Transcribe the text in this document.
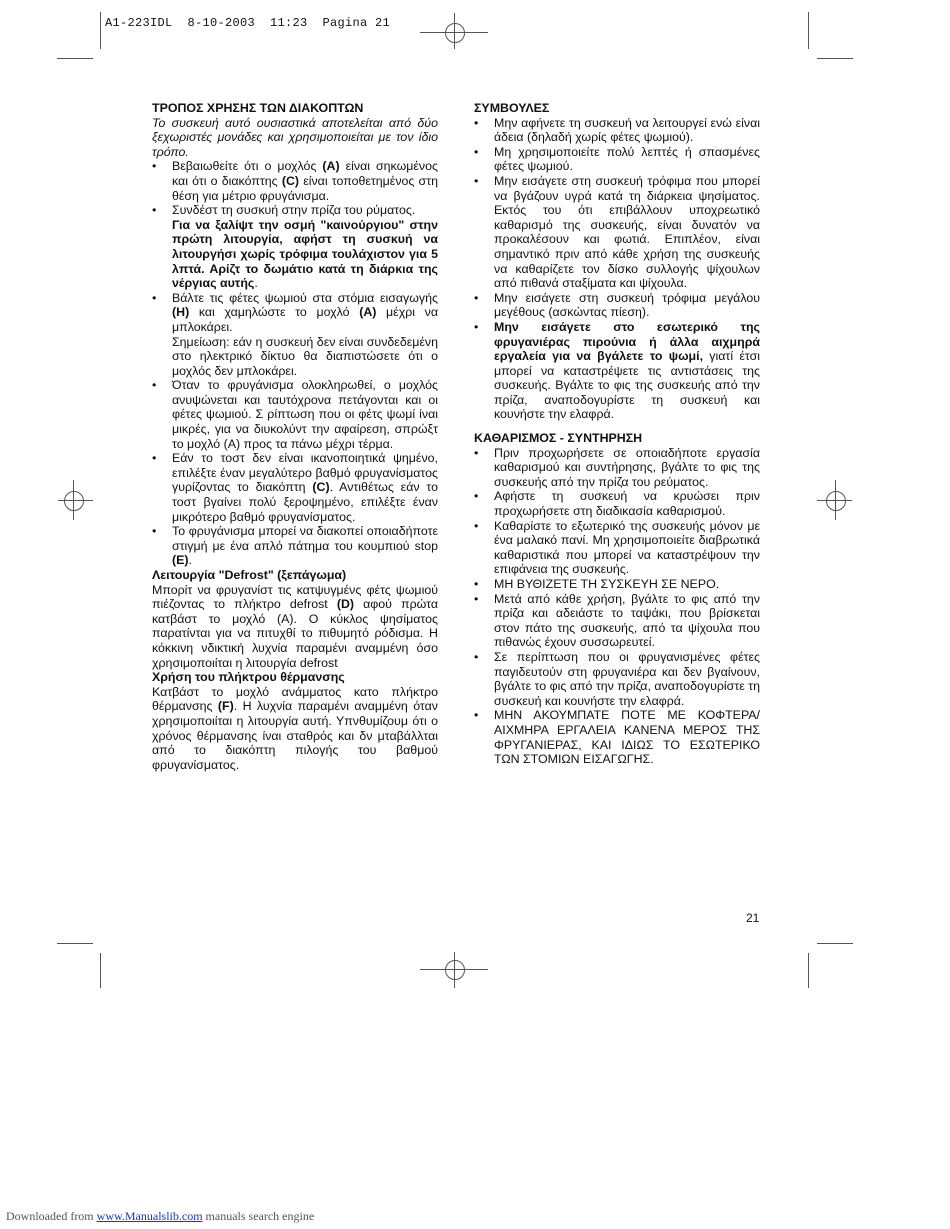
A1-223IDL  8-10-2003  11:23  Pagina 21
ΤΡΟΠΟΣ ΧΡΗΣΗΣ ΤΩΝ ΔΙΑΚΟΠΤΩΝ

Το συσκευή αυτό ουσιαστικά αποτελείται από δύο ξεχωριστές μονάδες και χρησιμοποιείται με τον ίδιο τρόπο.

• Βεβαιωθείτε ότι ο μοχλός (A) είναι σηκωμένος και ότι ο διακόπτης (C) είναι τοποθετημένος στη θέση για μέτριο φρυγάνισμα.
• Συνδέστ τη συσκυή στην πρίζα του ρύματος.
Για να ξαλίψτ την οσμή "καινούργιου" στην πρώτη λιτουργία, αφήστ τη συσκυή να λιτουργήσι χωρίς τρόφιμα τουλάχιστον για 5 λπτά. Αρίζτ το δωμάτιο κατά τη διάρκια της νέργιας αυτής.
• Βάλτε τις φέτες ψωμιού στα στόμια εισαγωγής (H) και χαμηλώστε το μοχλό (A) μέχρι να μπλοκάρει.
Σημείωση: εάν η συσκευή δεν είναι συνδεδεμένη στο ηλεκτρικό δίκτυο θα διαπιστώσετε ότι ο μοχλός δεν μπλοκάρει.
• Όταν το φρυγάνισμα ολοκληρωθεί, ο μοχλός ανυψώνεται και ταυτόχρονα πετάγονται και οι φέτες ψωμιού. Σ ρίπτωση που οι φέτς ψωμί ίναι μικρές, για να διυκολύντ την αφαίρεση, σπρώξτ το μοχλό (A) προς τα πάνω μέχρι τέρμα.
• Εάν το τοστ δεν είναι ικανοποιητικά ψημένο, επιλέξτε έναν μεγαλύτερο βαθμό φρυγανίσματος γυρίζοντας το διακόπτη (C). Αντιθέτως εάν το τοστ βγαίνει πολύ ξεροψημένο, επιλέξτε έναν μικρότερο βαθμό φρυγανίσματος.
• Το φρυγάνισμα μπορεί να διακοπεί οποιαδήποτε στιγμή με ένα απλό πάτημα του κουμπιού stop (E).
Λειτουργία "Defrost" (ξεπάγωμα)

Μπορίτ να φρυγανίστ τις κατψυγμένς φέτς ψωμιού πιέζοντας το πλήκτρο defrost (D) αφού πρώτα κατβάστ το μοχλό (A). Ο κύκλος ψησίματος παρατίνται για να πιτυχθί το πιθυμητό ρόδισμα. Η κόκκινη νδικτική λυχνία παραμένι αναμμένη όσο χρησιμοποιίται η λιτουργία defrost

Χρήση του πλήκτρου θέρμανσης

Κατβάστ το μοχλό ανάμματος κατο πλήκτρο θέρμανσης (F). Η λυχνία παραμένι αναμμένη όταν χρησιμοποιίται η λιτουργία αυτή. Υπνθυμίζουμ ότι ο χρόνος θέρμανσης ίναι σταθρός και δν μταβάλλται από το διακόπτη πιλογής του βαθμού φρυγανίσματος.

ΣΥΜΒΟΥΛΕΣ
• Μην αφήνετε τη συσκευή να λειτουργεί ενώ είναι άδεια (δηλαδή χωρίς φέτες ψωμιού).
• Μη χρησιμοποιείτε πολύ λεπτές ή σπασμένες φέτες ψωμιού.
• Μην εισάγετε στη συσκευή τρόφιμα που μπορεί να βγάζουν υγρά κατά τη διάρκεια ψησίματος. Εκτός του ότι επιβάλλουν υποχρεωτικό καθαρισμό της συσκευής, είναι δυνατόν να προκαλέσουν και φωτιά. Επιπλέον, είναι σημαντικό πριν από κάθε χρήση της συσκευής να καθαρίζετε τον δίσκο συλλογής ψίχουλων από πιθανά σταξίματα και ψίχουλα.
• Μην εισάγετε στη συσκευή τρόφιμα μεγάλου μεγέθους (ασκώντας πίεση).
• Μην εισάγετε στο εσωτερικό της φρυγανιέρας πιρούνια ή άλλα αιχμηρά εργαλεία για να βγάλετε το ψωμί, γιατί έτσι μπορεί να καταστρέψετε τις αντιστάσεις της συσκευής. Βγάλτε το φις της συσκευής από την πρίζα, αναποδογυρίστε τη συσκευή και κουνήστε την ελαφρά.
ΚΑΘΑΡΙΣΜΟΣ - ΣΥΝΤΗΡΗΣΗ
• Πριν προχωρήσετε σε οποιαδήποτε εργασία καθαρισμού και συντήρησης, βγάλτε το φις της συσκευής από την πρίζα του ρεύματος.
• Αφήστε τη συσκευή να κρυώσει πριν προχωρήσετε στη διαδικασία καθαρισμού.
• Καθαρίστε το εξωτερικό της συσκευής μόνον με ένα μαλακό πανί. Μη χρησιμοποιείτε διαβρωτικά καθαριστικά που μπορεί να καταστρέψουν την επιφάνεια της συσκευής.
• ΜΗ ΒΥΘΙΖΕΤΕ ΤΗ ΣΥΣΚΕΥΗ ΣΕ ΝΕΡΟ.
• Μετά από κάθε χρήση, βγάλτε το φις από την πρίζα και αδειάστε το ταψάκι, που βρίσκεται στον πάτο της συσκευής, από τα ψίχουλα που πιθανώς έχουν συσσωρευτεί.
• Σε περίπτωση που οι φρυγανισμένες φέτες παγιδευτούν στη φρυγανιέρα και δεν βγαίνουν, βγάλτε το φις από την πρίζα, αναποδογυρίστε τη συσκευή και κουνήστε την ελαφρά.
• ΜΗΝ ΑΚΟΥΜΠΑΤΕ ΠΟΤΕ ΜΕ ΚΟΦΤΕΡΑ/ ΑΙΧΜΗΡΑ ΕΡΓΑΛΕΙΑ ΚΑΝΕΝΑ ΜΕΡΟΣ ΤΗΣ ΦΡΥΓΑΝΙΕΡΑΣ, ΚΑΙ ΙΔΙΩΣ ΤΟ ΕΣΩΤΕΡΙΚΟ ΤΩΝ ΣΤΟΜΙΩΝ ΕΙΣΑΓΩΓΗΣ.
21
Downloaded from www.Manualslib.com manuals search engine
